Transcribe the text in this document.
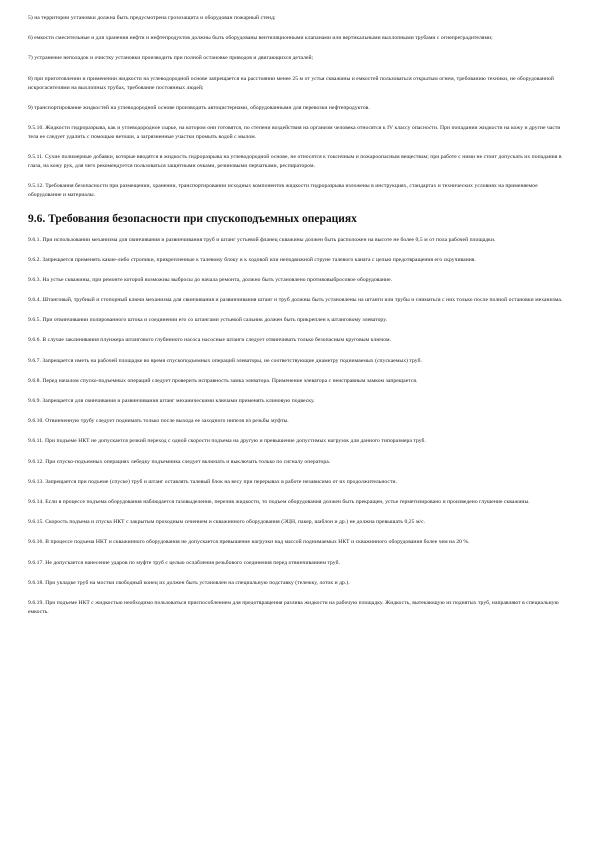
5) на территории установки должна быть предусмотрена грозозащита и оборудован пожарный стенд;

6) емкости смесительные и для хранения нефти и нефтепродуктов должны быть оборудованы вентиляционными клапанами или вертикальными выхлопными трубами с огнепреградителями;

7) устранение неполадок и очистку установки производить при полной остановке приводов и двигающихся деталей;

8) при приготовлении и применении жидкости на углеводородной основе запрещается на расстоянии менее 25 м от устья скважины и емкостей пользоваться открытым огнем, требованию техники, не оборудованной искрогасителями на выхлопных трубах, требование постоянных людей;

9) транспортирование жидкостей на углеводородной основе производить автоцистернами, оборудованными для перевозки нефтепродуктов.

9.5.10. Жидкости гидроразрыва, как и углеводородное сырье, на котором они готовятся, по степени воздействия на организм человека относятся к IV классу опасности. При попадании жидкости на кожу и другие части тела ее следует удалить с помощью ветоши, а загрязненные участки промыть водой с мылом.

9.5.11. Сухие полимерные добавки, которые вводятся в жидкость гидроразрыва на углеводородной основе, не относятся к токсичным и пожароопасным веществам; при работе с ними не стоит допускать их попадания в глаза, на кожу рук, для чего рекомендуется пользоваться защитными очками, резиновыми перчатками, респиратором.

9.5.12. Требования безопасности при размещении, хранении, транспортировании исходных компонентов жидкости гидроразрыва изложены в инструкциях, стандартах и технических условиях на применяемое оборудование и материалы.

9.6. Требования безопасности при спускоподъемных операциях

9.6.1. При использовании механизма для свинчивания и развинчивания труб и штанг устьевой фланец скважины должен быть расположен на высоте не более 0,5 м от пола рабочей площадки.

9.6.2. Запрещается применять какие-либо стропики, прикрепленные к талевому блоку и к ходовой или неподвижной струне талевого каната с целью предотвращения его скручивания.

9.6.3. На устье скважины, при ремонте которой возможны выбросы до начала ремонта, должно быть установлено противовыбросовое оборудование.

9.6.4. Штанговый, трубный и стопорный ключи механизма для свинчивания и развинчивания штанг и труб должны быть установлены на штанги или трубы и сниматься с них только после полной остановки механизма.

9.6.5. При отвинчивании полированного штока и соединении его со штангами устьевой сальник должен быть прикреплен к штанговому элеватору.

9.6.6. В случае заклинивания плунжера штангового глубинного насоса насосные штанги следует отвинчивать только безопасным круговым ключом.

9.6.7. Запрещается иметь на рабочей площадке во время спускоподъемных операций элеваторы, не соответствующие диаметру поднимаемых (спускаемых) труб.

9.6.8. Перед началом спуско-подъемных операций следует проверить исправность замка элеватора. Применение элеватора с неисправным замком запрещается.

9.6.9. Запрещается для свинчивания и развинчивания штанг механическими ключами применять клиновую подвеску.

9.6.10. Отвинченную трубу следует поднимать только после выхода ее заходного нипеля из резьбы муфты.

9.6.11. При подъеме НКТ не допускается резкий переход с одной скорости подъема на другую и превышение допустимых нагрузок для данного типоразмера труб.

9.6.12. При спуско-подъемных операциях лебедку подъемника следует включать и выключать только по сигналу оператора.

9.6.13. Запрещается при подъеме (спуске) труб и штанг оставлять талевый блок на весу при перерывах в работе независимо от их продолжительности.

9.6.14. Если в процессе подъема оборудования наблюдается газовыделение, перелив жидкости, то подъем оборудования должен быть прекращен, устье герметизировано и произведено глушение скважины.

9.6.15. Скорость подъема и спуска НКТ с закрытым проходным сечением и скважинного оборудования (ЭЦН, пакер, шаблон и др.) не должна превышать 0,25 м/с.

9.6.16. В процессе подъема НКТ и скважинного оборудования не допускается превышение нагрузки над массой поднимаемых НКТ и скважинного оборудования более чем на 20 %.

9.6.17. Не допускается нанесение ударов по муфте труб с целью ослабления резьбового соединения перед отвинчиванием труб.

9.6.18. При укладке труб на мостки свободный конец их должен быть установлен на специальную подставку (тележку, лоток и др.).

9.6.19. При подъеме НКТ с жидкостью необходимо пользоваться приспособлением для предотвращения разлива жидкости на рабочую площадку. Жидкость, вытекающую из поднятых труб, направляют в специальную емкость.
